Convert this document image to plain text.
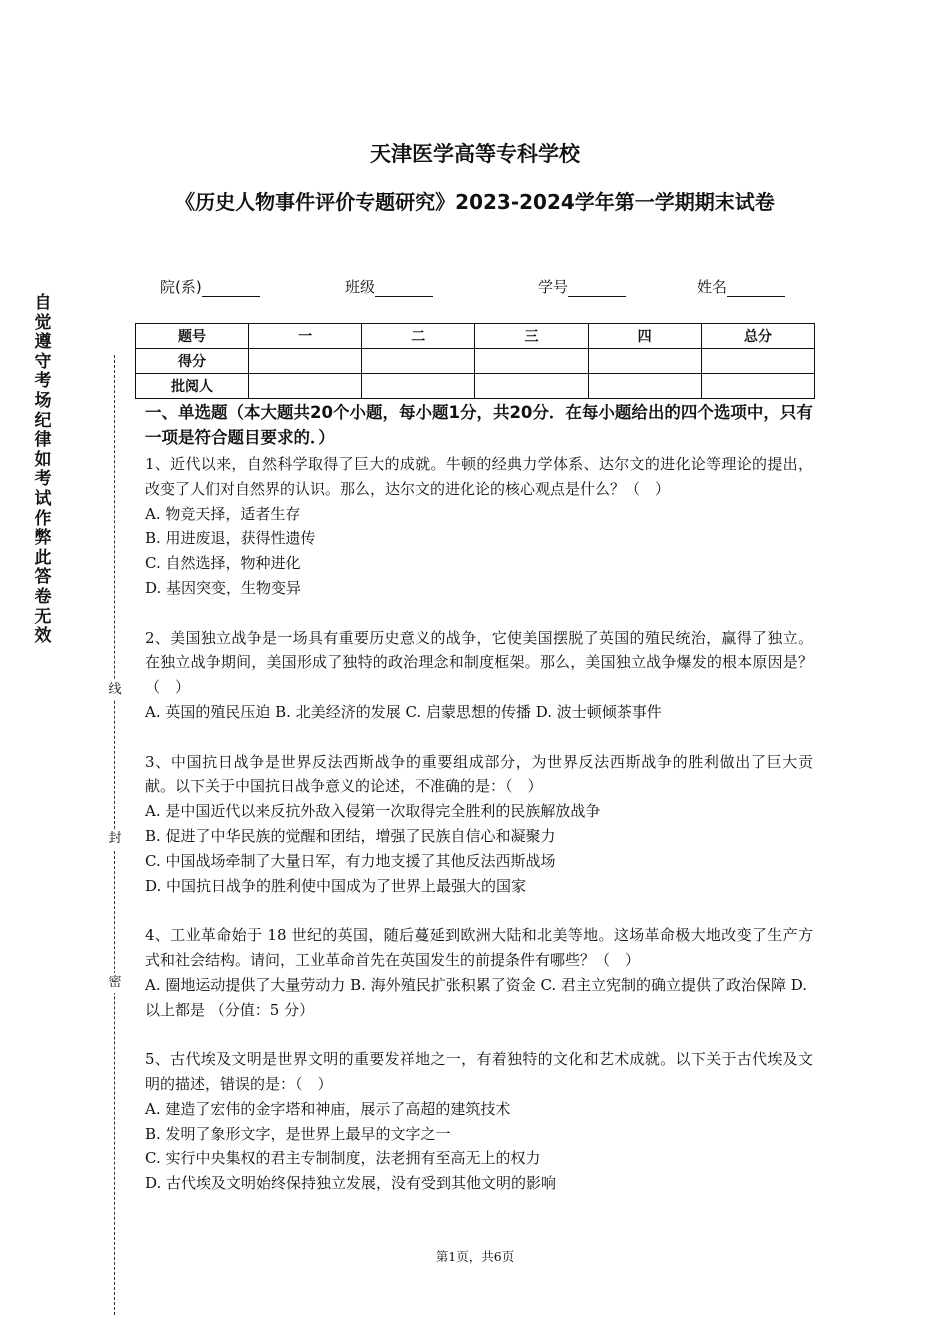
天津医学高等专科学校
《历史人物事件评价专题研究》2023-2024学年第一学期期末试卷
院(系)	班级	学号	姓名
题号	一	二	三	四	总分
得分					
批阅人					
自
觉
遵
守
考
场
纪
律
如
考
试
作
弊
此
答
卷
无
效
线
封
密
一、单选题（本大题共20个小题，每小题1分，共20分．在每小题给出的四个选项中，只有一项是符合题目要求的．）
1、近代以来，自然科学取得了巨大的成就。牛顿的经典力学体系、达尔文的进化论等理论的提出，改变了人们对自然界的认识。那么，达尔文的进化论的核心观点是什么？（　）
A. 物竞天择，适者生存
B. 用进废退，获得性遗传
C. 自然选择，物种进化
D. 基因突变，生物变异
2、美国独立战争是一场具有重要历史意义的战争，它使美国摆脱了英国的殖民统治，赢得了独立。在独立战争期间，美国形成了独特的政治理念和制度框架。那么，美国独立战争爆发的根本原因是？（　）
A. 英国的殖民压迫 B. 北美经济的发展 C. 启蒙思想的传播 D. 波士顿倾茶事件
3、中国抗日战争是世界反法西斯战争的重要组成部分，为世界反法西斯战争的胜利做出了巨大贡献。以下关于中国抗日战争意义的论述，不准确的是：（　）
A. 是中国近代以来反抗外敌入侵第一次取得完全胜利的民族解放战争
B. 促进了中华民族的觉醒和团结，增强了民族自信心和凝聚力
C. 中国战场牵制了大量日军，有力地支援了其他反法西斯战场
D. 中国抗日战争的胜利使中国成为了世界上最强大的国家
4、工业革命始于 18 世纪的英国，随后蔓延到欧洲大陆和北美等地。这场革命极大地改变了生产方式和社会结构。请问，工业革命首先在英国发生的前提条件有哪些？（　）
A. 圈地运动提供了大量劳动力 B. 海外殖民扩张积累了资金 C. 君主立宪制的确立提供了政治保障 D. 以上都是 （分值：5 分）
5、古代埃及文明是世界文明的重要发祥地之一，有着独特的文化和艺术成就。以下关于古代埃及文明的描述，错误的是：（　）
A. 建造了宏伟的金字塔和神庙，展示了高超的建筑技术
B. 发明了象形文字，是世界上最早的文字之一
C. 实行中央集权的君主专制制度，法老拥有至高无上的权力
D. 古代埃及文明始终保持独立发展，没有受到其他文明的影响
第1页，共6页
